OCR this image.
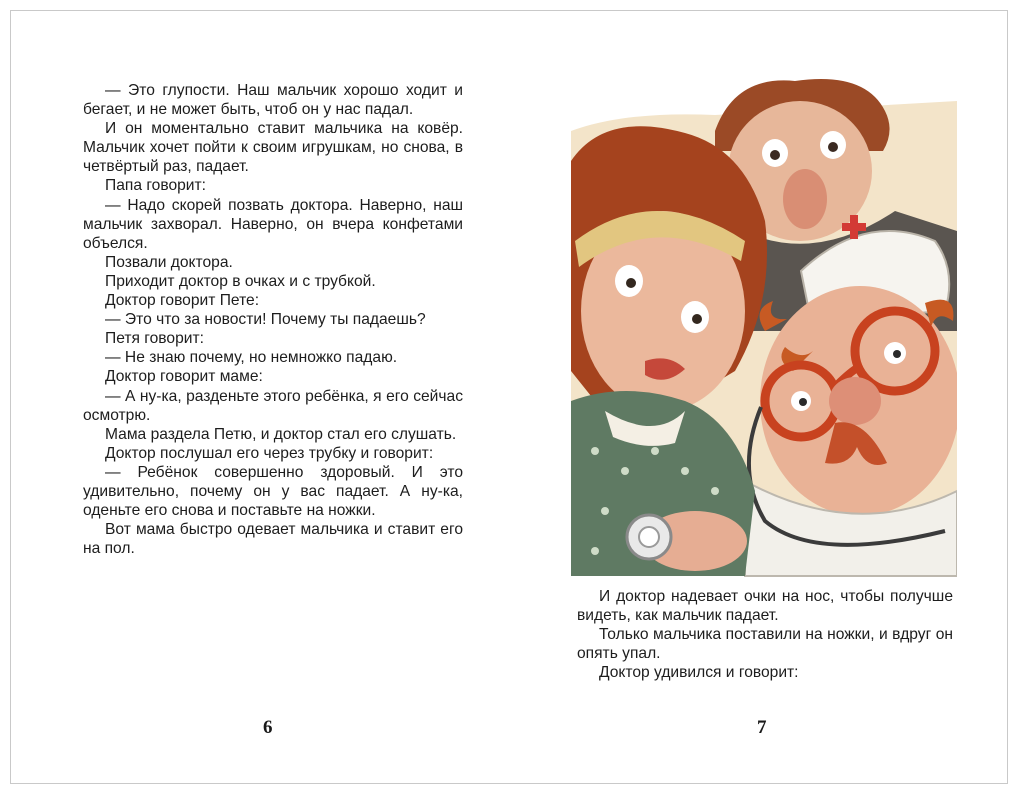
— Это глупости. Наш мальчик хорошо ходит и бегает, и не может быть, чтоб он у нас падал.

И он моментально ставит мальчика на ковёр. Мальчик хочет пойти к своим игрушкам, но снова, в четвёртый раз, падает.

Папа говорит:

— Надо скорей позвать доктора. Наверно, наш мальчик захворал. Наверно, он вчера конфетами объелся.

Позвали доктора.

Приходит доктор в очках и с трубкой.

Доктор говорит Пете:

— Это что за новости! Почему ты падаешь?

Петя говорит:

— Не знаю почему, но немножко падаю.

Доктор говорит маме:

— А ну-ка, разденьте этого ребёнка, я его сейчас осмотрю.

Мама раздела Петю, и доктор стал его слушать.

Доктор послушал его через трубку и говорит:

— Ребёнок совершенно здоровый. И это удивительно, почему он у вас падает. А ну-ка, оденьте его снова и поставьте на ножки.

Вот мама быстро одевает мальчика и ставит его на пол.

6

И доктор надевает очки на нос, чтобы получше видеть, как мальчик падает.

Только мальчика поставили на ножки, и вдруг он опять упал.

Доктор удивился и говорит:

7
